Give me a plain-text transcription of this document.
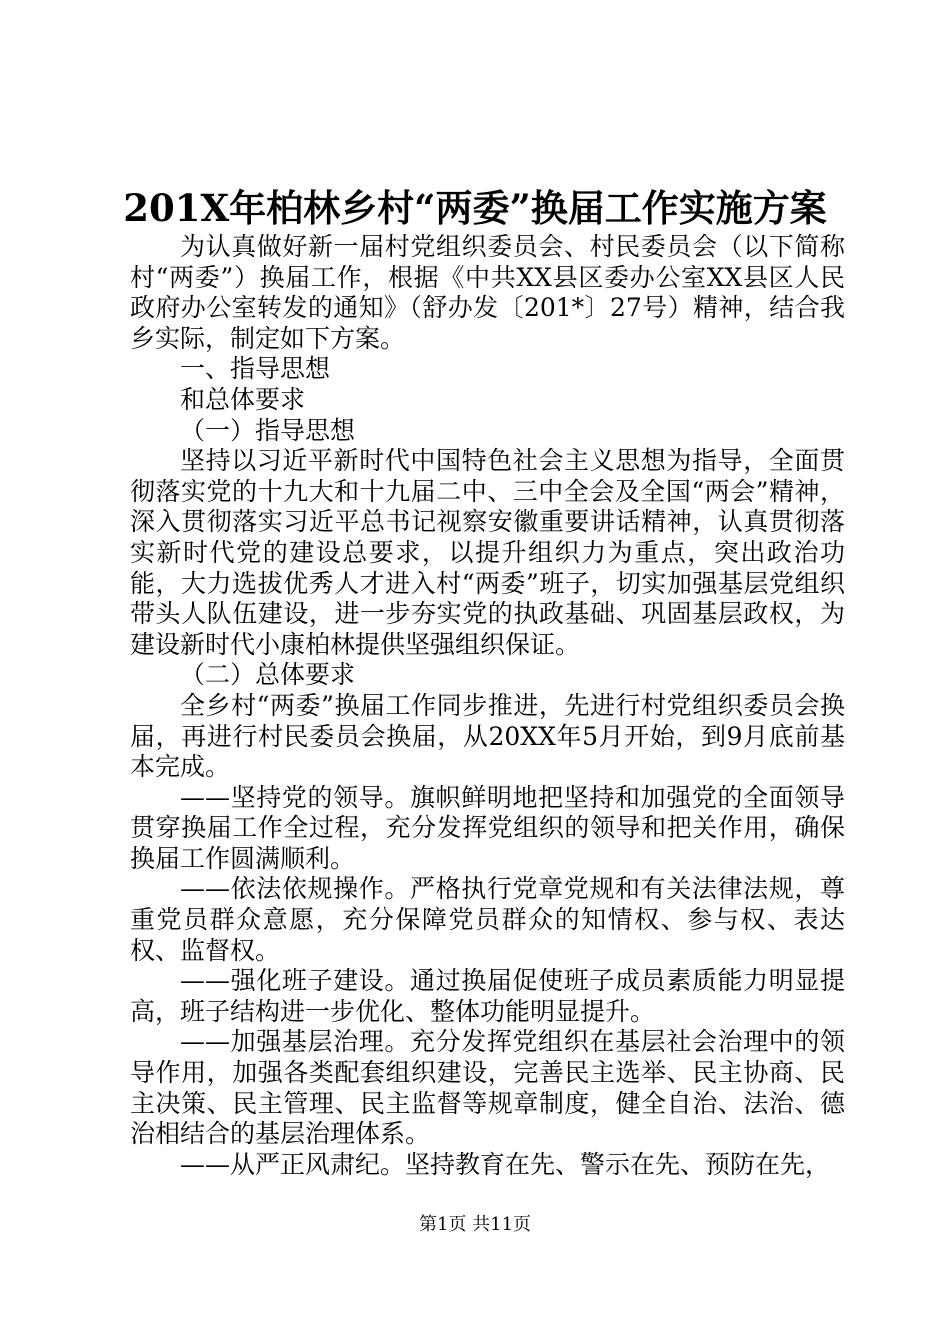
201X年柏林乡村“两委”换届工作实施方案

为认真做好新一届村党组织委员会、村民委员会（以下简称村“两委”）换届工作，根据《中共XX县区委办公室XX县区人民政府办公室转发的通知》（舒办发〔201*〕27号）精神，结合我乡实际，制定如下方案。

一、指导思想

和总体要求

（一）指导思想

坚持以习近平新时代中国特色社会主义思想为指导，全面贯彻落实党的十九大和十九届二中、三中全会及全国“两会”精神，深入贯彻落实习近平总书记视察安徽重要讲话精神，认真贯彻落实新时代党的建设总要求，以提升组织力为重点，突出政治功能，大力选拔优秀人才进入村“两委”班子，切实加强基层党组织带头人队伍建设，进一步夯实党的执政基础、巩固基层政权，为建设新时代小康柏林提供坚强组织保证。

（二）总体要求

全乡村“两委”换届工作同步推进，先进行村党组织委员会换届，再进行村民委员会换届，从20XX年5月开始，到9月底前基本完成。

——坚持党的领导。旗帜鲜明地把坚持和加强党的全面领导贯穿换届工作全过程，充分发挥党组织的领导和把关作用，确保换届工作圆满顺利。

——依法依规操作。严格执行党章党规和有关法律法规，尊重党员群众意愿，充分保障党员群众的知情权、参与权、表达权、监督权。

——强化班子建设。通过换届促使班子成员素质能力明显提高，班子结构进一步优化、整体功能明显提升。

——加强基层治理。充分发挥党组织在基层社会治理中的领导作用，加强各类配套组织建设，完善民主选举、民主协商、民主决策、民主管理、民主监督等规章制度，健全自治、法治、德治相结合的基层治理体系。

——从严正风肃纪。坚持教育在先、警示在先、预防在先，

第1页 共11页
